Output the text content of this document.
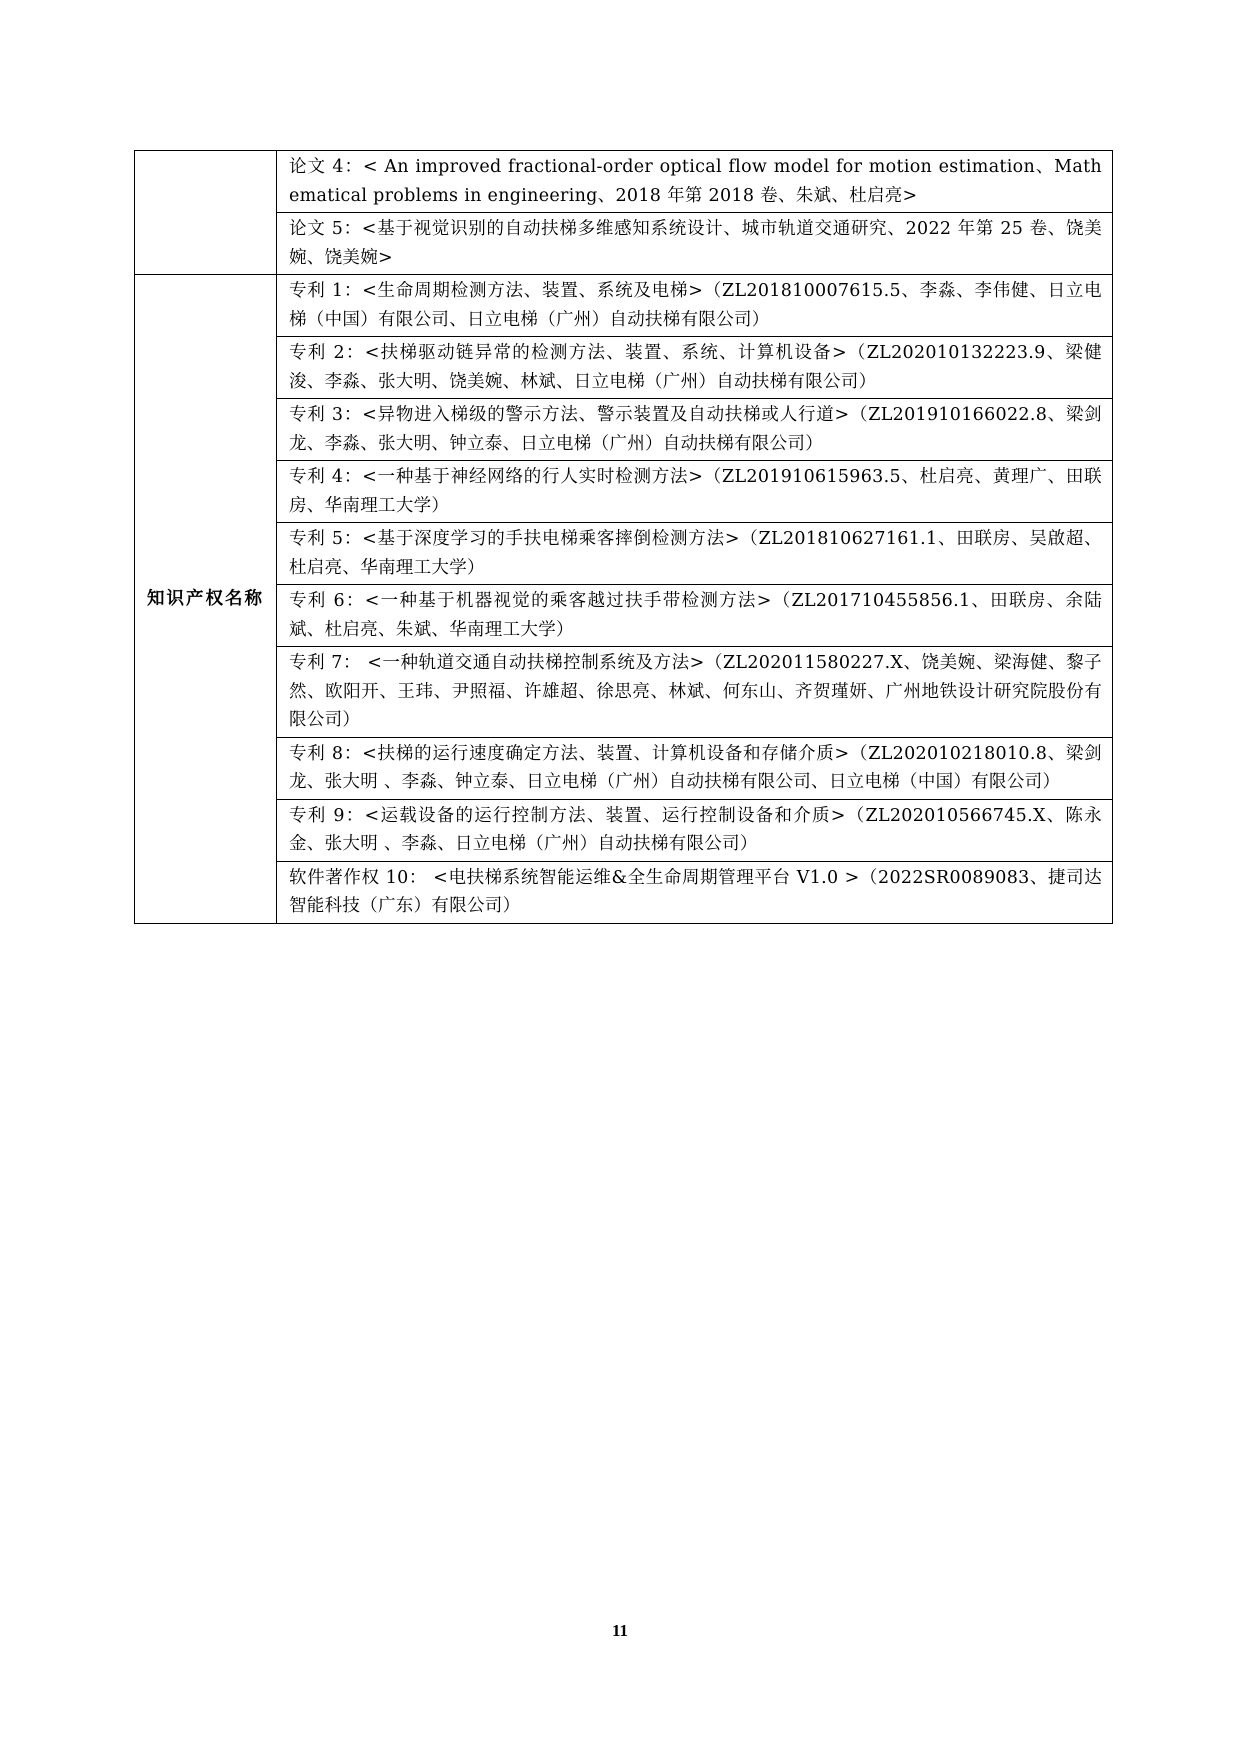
	论文 4：< An improved fractional-order optical flow model for motion estimation、Mathematical problems in engineering、2018 年第 2018 卷、朱斌、杜启亮>
	论文 5：<基于视觉识别的自动扶梯多维感知系统设计、城市轨道交通研究、2022 年第 25 卷、饶美婉、饶美婉>
知识产权名称	专利 1：<生命周期检测方法、装置、系统及电梯>（ZL201810007615.5、李淼、李伟健、日立电梯（中国）有限公司、日立电梯（广州）自动扶梯有限公司）
	专利 2：<扶梯驱动链异常的检测方法、装置、系统、计算机设备>（ZL202010132223.9、梁健浚、李淼、张大明、饶美婉、林斌、日立电梯（广州）自动扶梯有限公司）
	专利 3：<异物进入梯级的警示方法、警示装置及自动扶梯或人行道>（ZL201910166022.8、梁剑龙、李淼、张大明、钟立泰、日立电梯（广州）自动扶梯有限公司）
	专利 4：<一种基于神经网络的行人实时检测方法>（ZL201910615963.5、杜启亮、黄理广、田联房、华南理工大学）
	专利 5：<基于深度学习的手扶电梯乘客摔倒检测方法>（ZL201810627161.1、田联房、吴啟超、杜启亮、华南理工大学）
	专利 6：<一种基于机器视觉的乘客越过扶手带检测方法>（ZL201710455856.1、田联房、余陆斌、杜启亮、朱斌、华南理工大学）
	专利 7： <一种轨道交通自动扶梯控制系统及方法>（ZL202011580227.X、饶美婉、梁海健、黎子然、欧阳开、王玮、尹照福、许雄超、徐思亮、林斌、何东山、齐贺瑾妍、广州地铁设计研究院股份有限公司）
	专利 8：<扶梯的运行速度确定方法、装置、计算机设备和存储介质>（ZL202010218010.8、梁剑龙、张大明 、李淼、钟立泰、日立电梯（广州）自动扶梯有限公司、日立电梯（中国）有限公司）
	专利 9：<运载设备的运行控制方法、装置、运行控制设备和介质>（ZL202010566745.X、陈永金、张大明 、李淼、日立电梯（广州）自动扶梯有限公司）
	软件著作权 10： <电扶梯系统智能运维&全生命周期管理平台 V1.0 >（2022SR0089083、捷司达智能科技（广东）有限公司）
11
